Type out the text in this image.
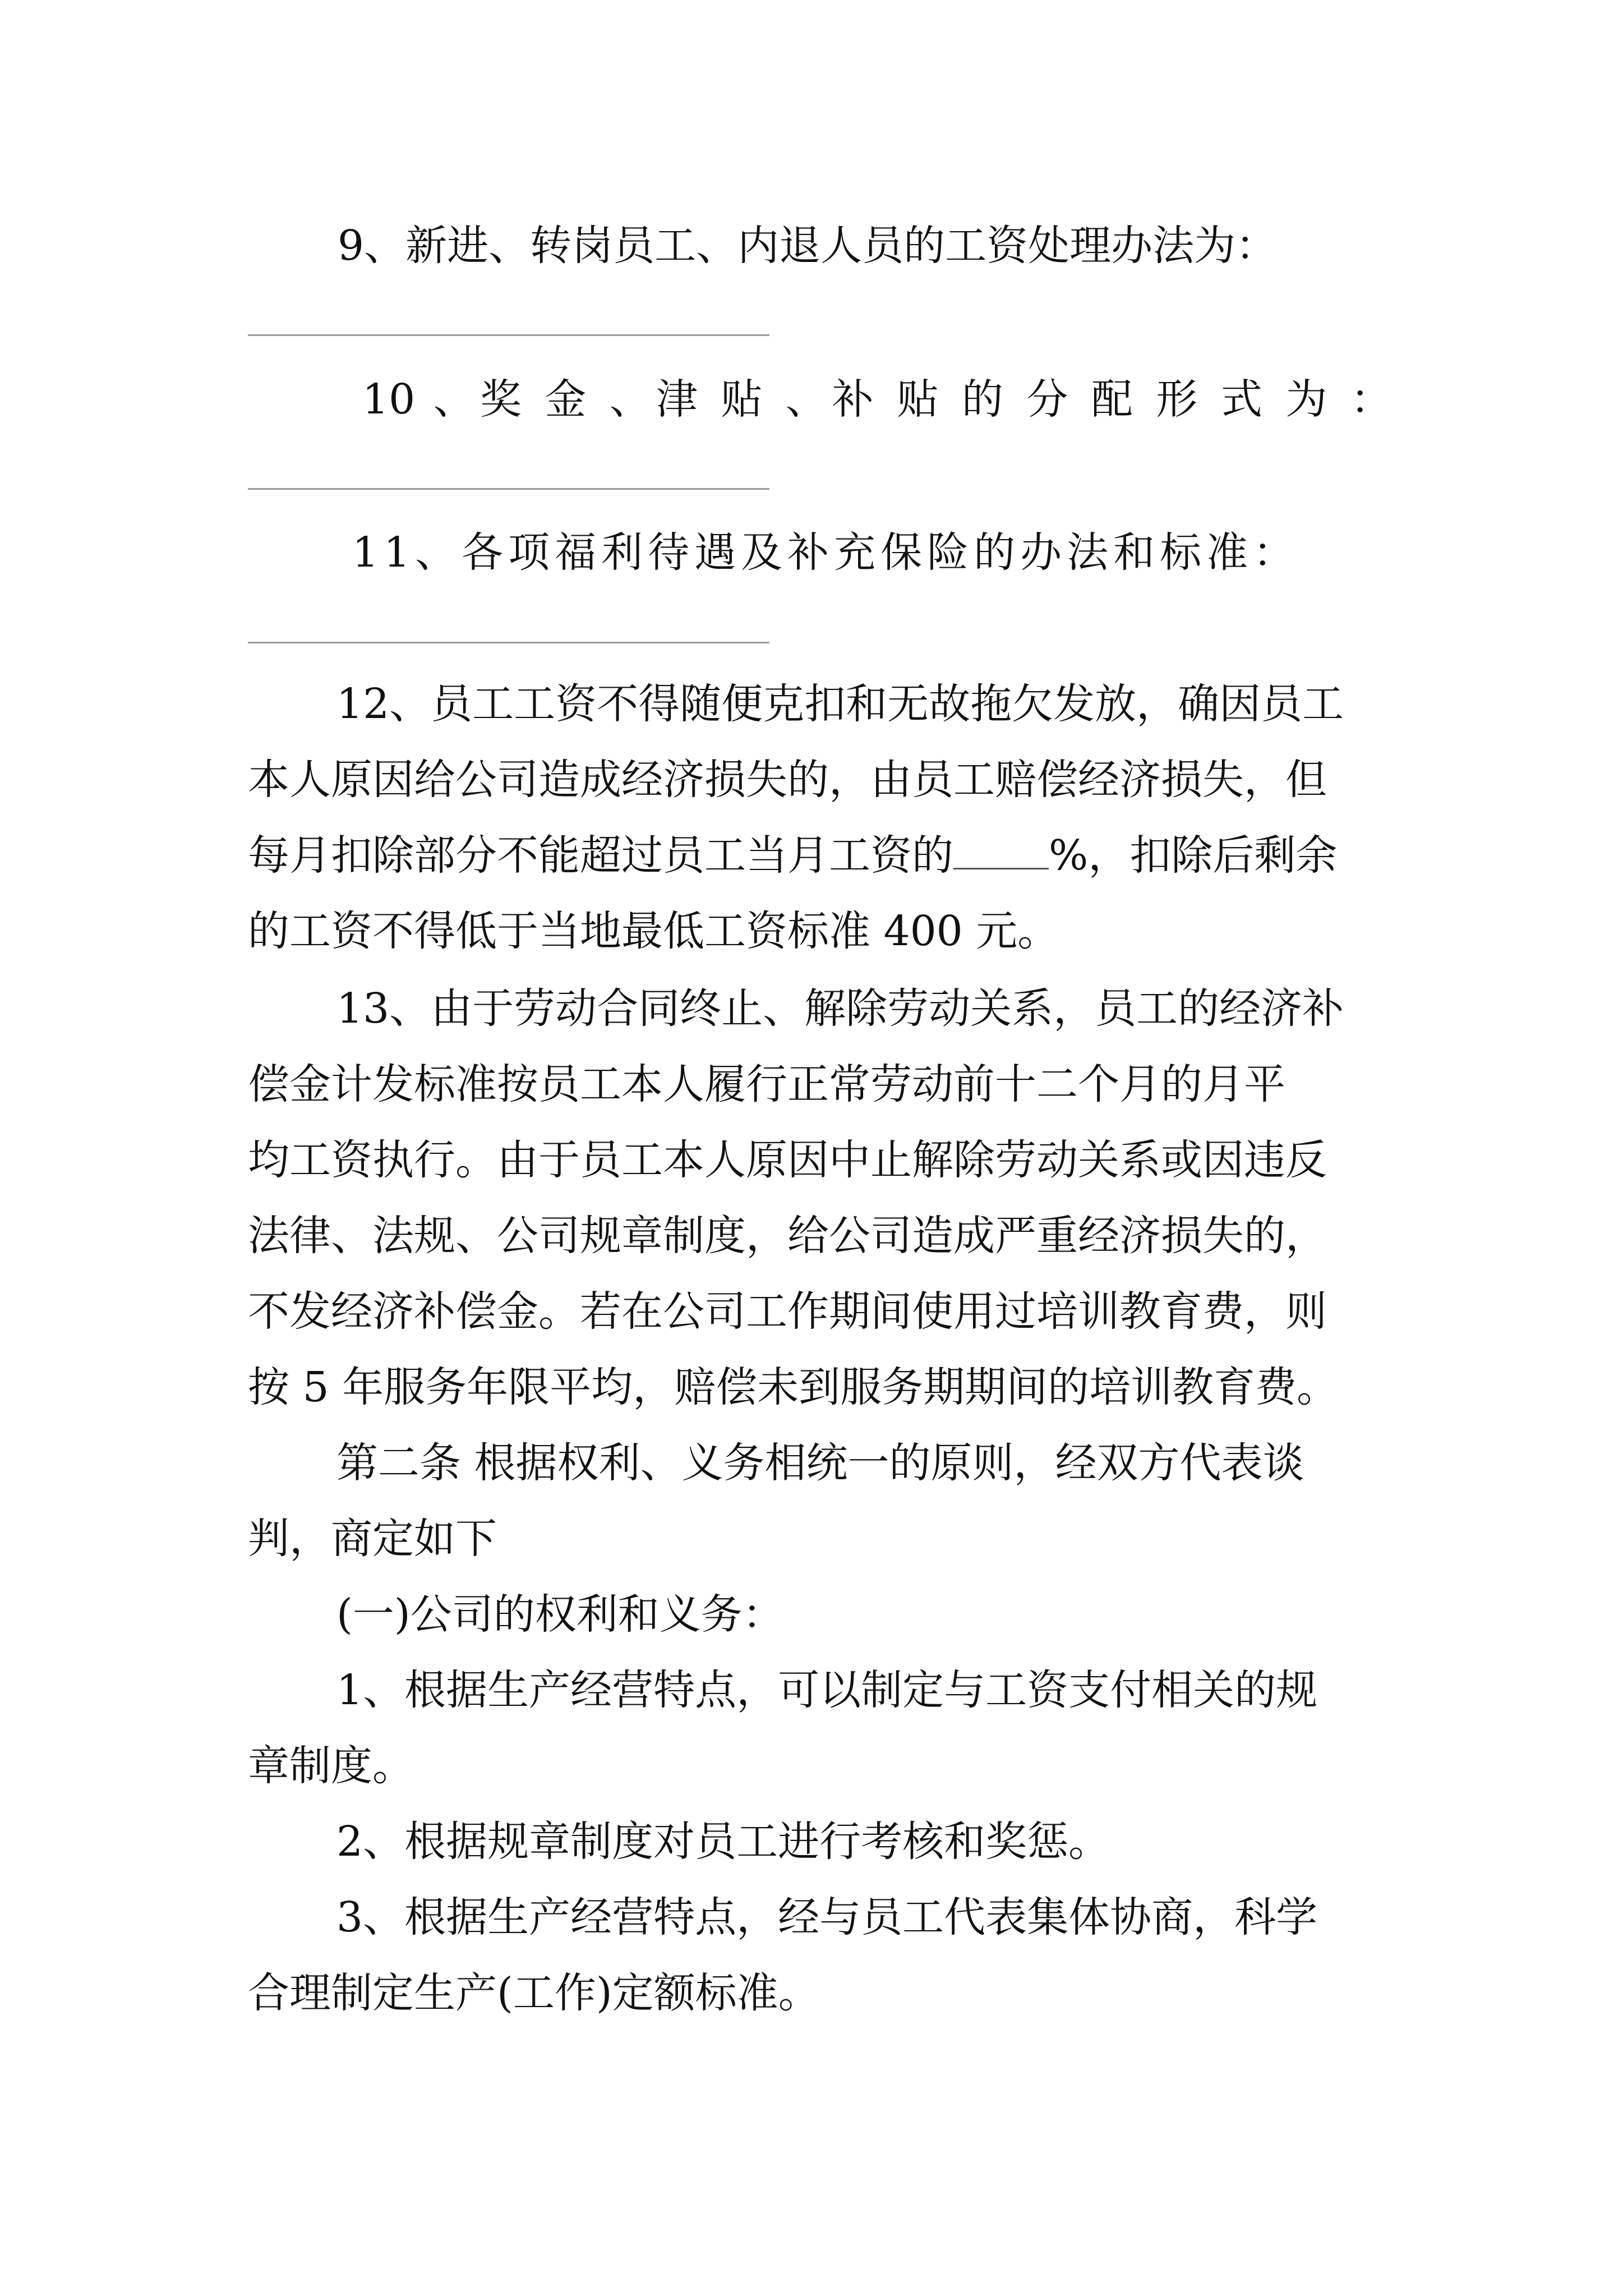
9、新进、转岗员工、内退人员的工资处理办法为：
10 、奖 金 、津 贴 、补 贴 的 分 配 形 式 为 ：
11、各项福利待遇及补充保险的办法和标准：
12、员工工资不得随便克扣和无故拖欠发放，确因员工
本人原因给公司造成经济损失的，由员工赔偿经济损失，但
每月扣除部分不能超过员工当月工资的 %，扣除后剩余
的工资不得低于当地最低工资标准 400 元。
13、由于劳动合同终止、解除劳动关系，员工的经济补
偿金计发标准按员工本人履行正常劳动前十二个月的月平
均工资执行。由于员工本人原因中止解除劳动关系或因违反
法律、法规、公司规章制度，给公司造成严重经济损失的，
不发经济补偿金。若在公司工作期间使用过培训教育费，则
按 5 年服务年限平均，赔偿未到服务期期间的培训教育费。
第二条 根据权利、义务相统一的原则，经双方代表谈
判，商定如下
(一)公司的权利和义务：
1、根据生产经营特点，可以制定与工资支付相关的规
章制度。
2、根据规章制度对员工进行考核和奖惩。
3、根据生产经营特点，经与员工代表集体协商，科学
合理制定生产(工作)定额标准。
